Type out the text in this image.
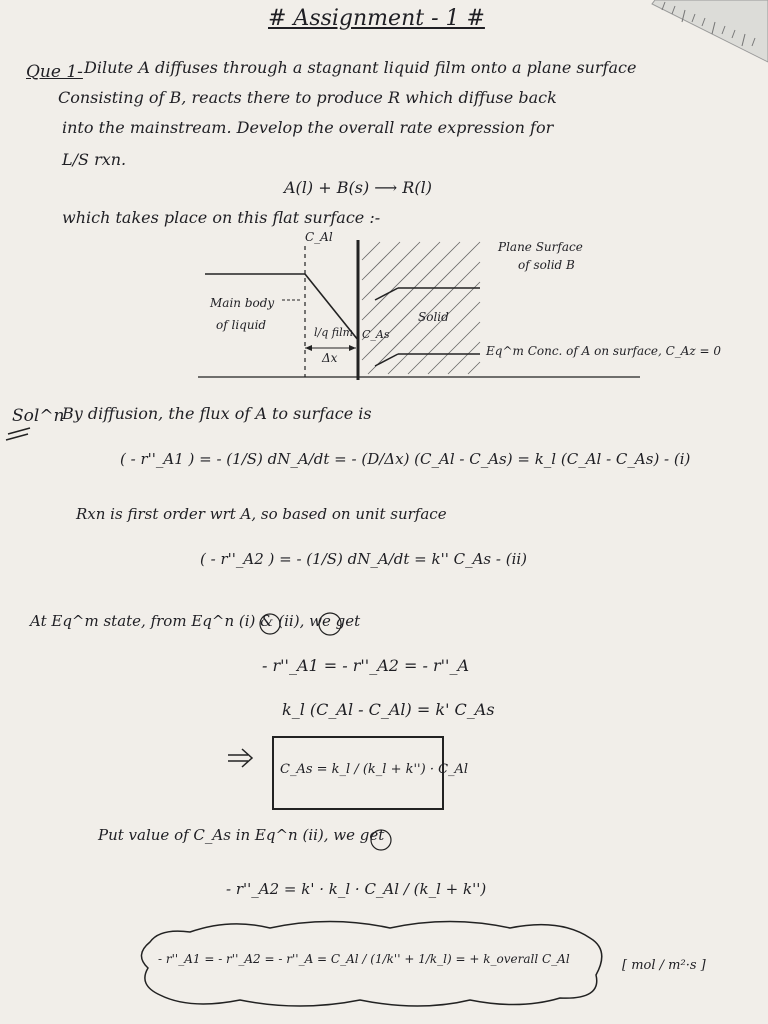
# Assignment - 1 #
Que 1- Dilute A diffuses through a stagnant liquid film onto a plane surface
Consisting of B, reacts there to produce R which diffuse back
into the mainstream. Develop the overall rate expression for
L/S rxn.
A(l) + B(s) ⟶ R(l)
which takes place on this flat surface :-
C_Al
Plane Surface
of solid B
Main body
of liquid
l/q film C_As
Solid
Δx	Eq^m Conc. of A on surface, C_Az = 0
Sol^n
By diffusion, the flux of A to surface is
( - r''_A1 ) = - (1/S) dN_A/dt = - (D/Δx) (C_Al - C_As) = k_l (C_Al - C_As) - (i)
Rxn is first order wrt A, so based on unit surface
( - r''_A2 ) = - (1/S) dN_A/dt = k'' C_As - (ii)
At Eq^m state, from Eq^n (i) & (ii), we get
- r''_A1 = - r''_A2 = - r''_A
k_l (C_Al - C_Al) = k' C_As
C_As = k_l / (k_l + k'') · C_Al
Put value of C_As in Eq^n (ii), we get
- r''_A2 = k' · k_l · C_Al / (k_l + k'')
- r''_A1 = - r''_A2 = - r''_A = C_Al / (1/k'' + 1/k_l) = + k_overall C_Al	[ mol / m²·s ]
